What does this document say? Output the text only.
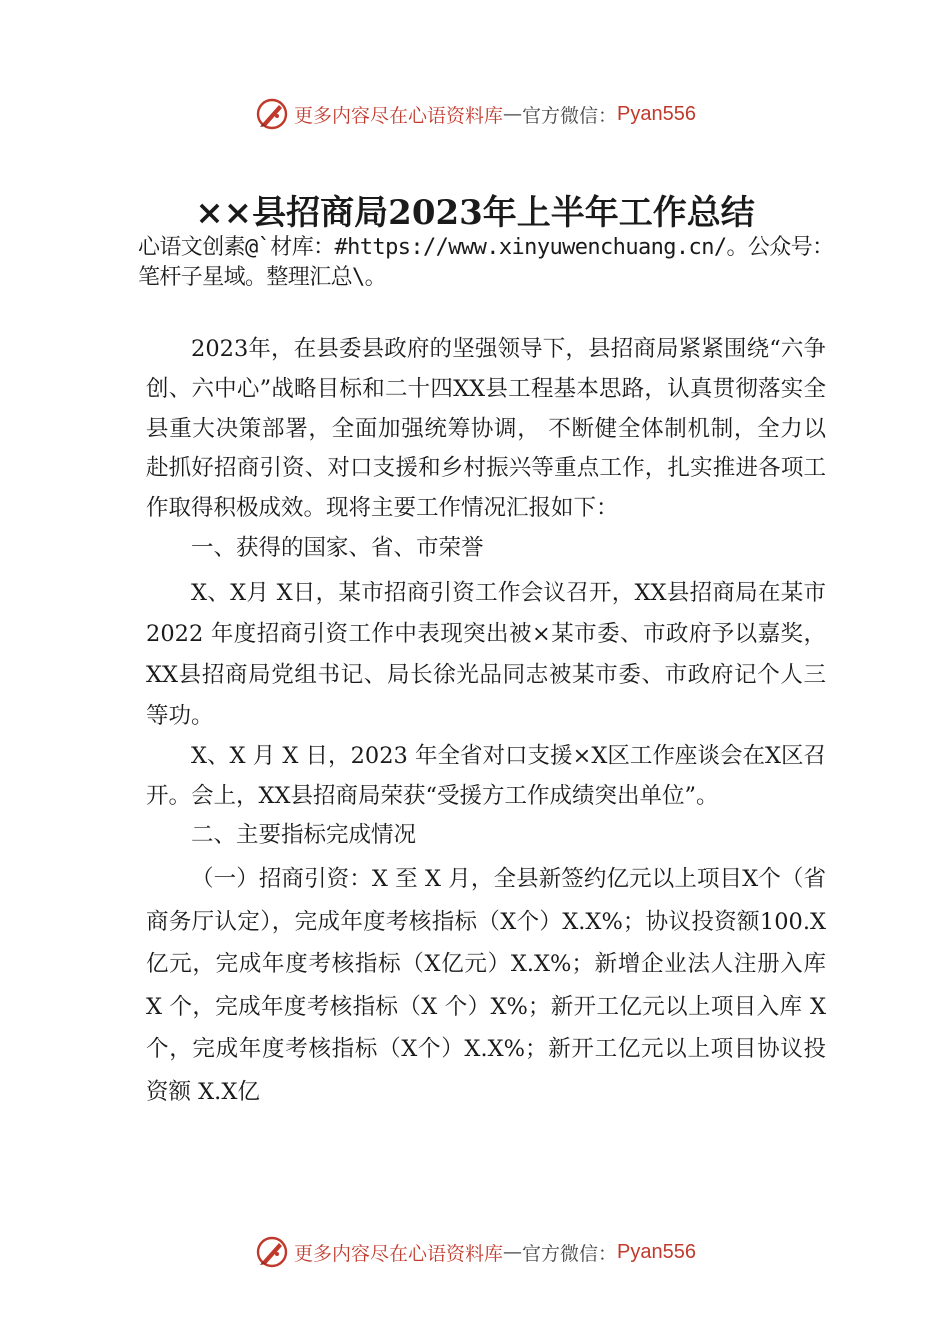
更多内容尽在心语资料库 — 官方微信： Pyan556
××县招商局2023年上半年工作总结
心语文创素@`材库：#https://www.xinyuwenchuang.cn/。公众号：笔杆子星域。整理汇总\。

2023年，在县委县政府的坚强领导下，县招商局紧紧围绕“六争创、六中心”战略目标和二十四XX县工程基本思路，认真贯彻落实全县重大决策部署，全面加强统筹协调， 不断健全体制机制，全力以赴抓好招商引资、对口支援和乡村振兴等重点工作，扎实推进各项工作取得积极成效。现将主要工作情况汇报如下：

一、获得的国家、省、市荣誉

X、X月 X日，某市招商引资工作会议召开，XX县招商局在某市 2022 年度招商引资工作中表现突出被×某市委、市政府予以嘉奖，XX县招商局党组书记、局长徐光品同志被某市委、市政府记个人三等功。

X、X 月 X 日，2023 年全省对口支援×X区工作座谈会在X区召开。会上，XX县招商局荣获“受援方工作成绩突出单位”。

二、主要指标完成情况

（一）招商引资：X 至 X 月，全县新签约亿元以上项目X个（省商务厅认定），完成年度考核指标（X个）X.X%；协议投资额100.X亿元，完成年度考核指标（X亿元）X.X%；新增企业法人注册入库 X 个，完成年度考核指标（X 个）X%；新开工亿元以上项目入库 X 个，完成年度考核指标（X个）X.X%；新开工亿元以上项目协议投资额 X.X亿

更多内容尽在心语资料库 — 官方微信： Pyan556
